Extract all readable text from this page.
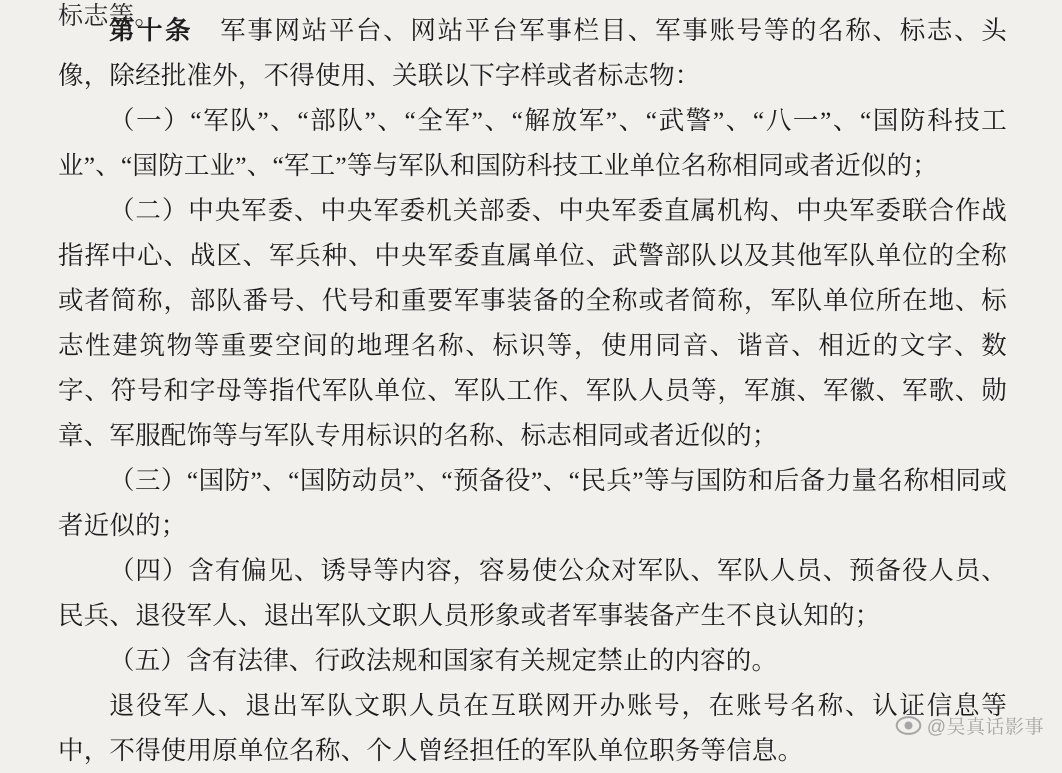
标志等。

第十条　军事网站平台、网站平台军事栏目、军事账号等的名称、标志、头像，除经批准外，不得使用、关联以下字样或者标志物：

（一）“军队”、“部队”、“全军”、“解放军”、“武警”、“八一”、“国防科技工业”、“国防工业”、“军工”等与军队和国防科技工业单位名称相同或者近似的；

（二）中央军委、中央军委机关部委、中央军委直属机构、中央军委联合作战指挥中心、战区、军兵种、中央军委直属单位、武警部队以及其他军队单位的全称或者简称，部队番号、代号和重要军事装备的全称或者简称，军队单位所在地、标志性建筑物等重要空间的地理名称、标识等，使用同音、谐音、相近的文字、数字、符号和字母等指代军队单位、军队工作、军队人员等，军旗、军徽、军歌、勋章、军服配饰等与军队专用标识的名称、标志相同或者近似的；

（三）“国防”、“国防动员”、“预备役”、“民兵”等与国防和后备力量名称相同或者近似的；

（四）含有偏见、诱导等内容，容易使公众对军队、军队人员、预备役人员、民兵、退役军人、退出军队文职人员形象或者军事装备产生不良认知的；

（五）含有法律、行政法规和国家有关规定禁止的内容的。

退役军人、退出军队文职人员在互联网开办账号，在账号名称、认证信息等中，不得使用原单位名称、个人曾经担任的军队单位职务等信息。

@吴真话影事
